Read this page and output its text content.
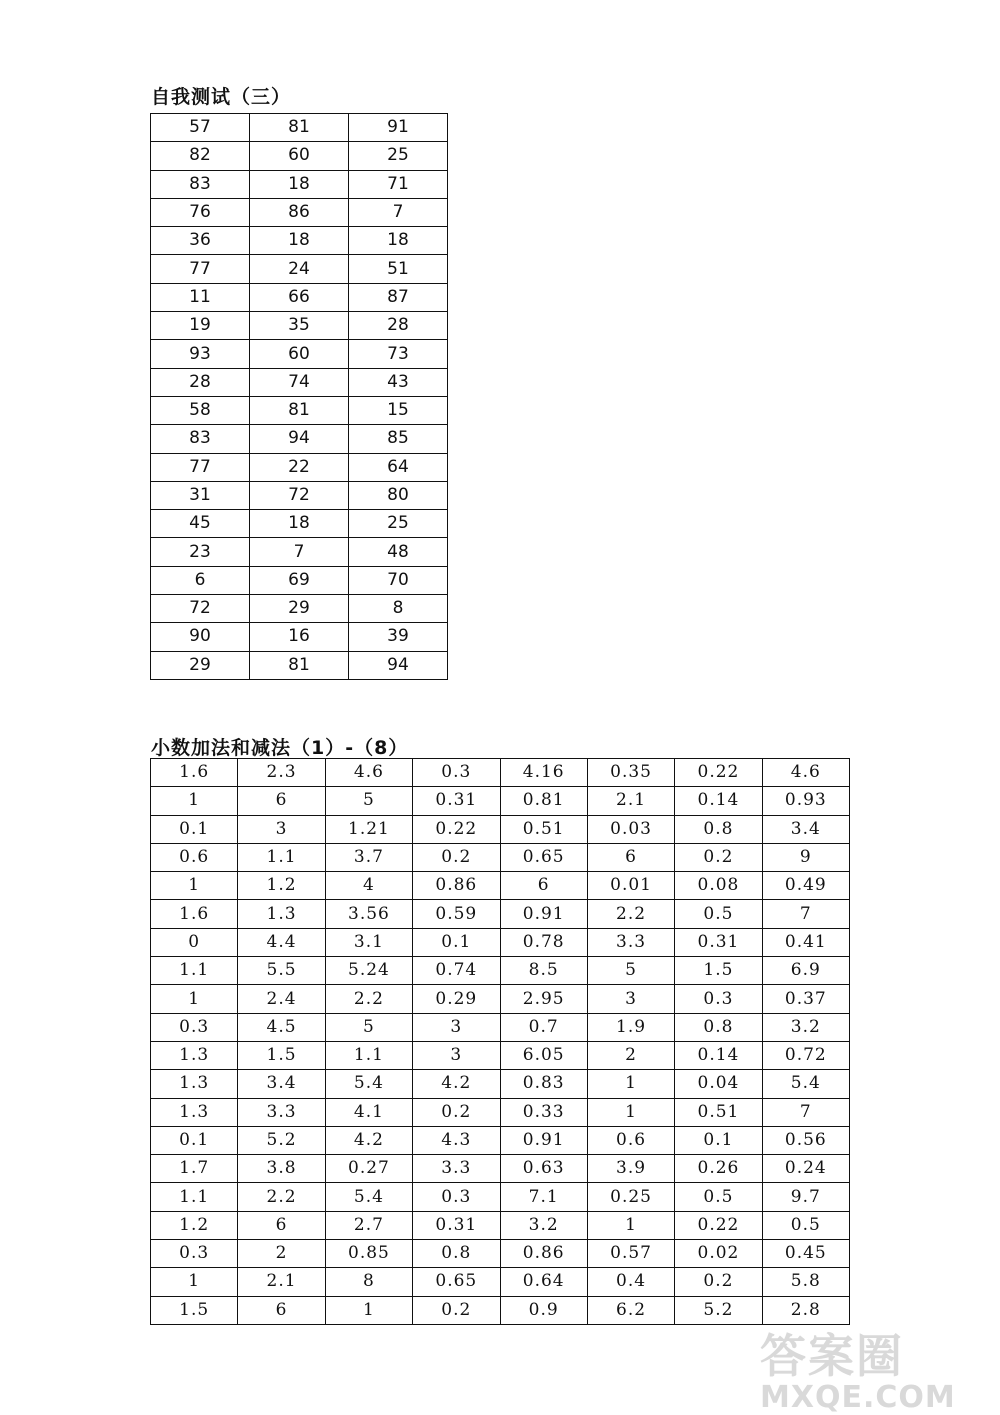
自我测试（三）
57	81	91
82	60	25
83	18	71
76	86	7
36	18	18
77	24	51
11	66	87
19	35	28
93	60	73
28	74	43
58	81	15
83	94	85
77	22	64
31	72	80
45	18	25
23	7	48
6	69	70
72	29	8
90	16	39
29	81	94
小数加法和减法（1）-（8）
1.6	2.3	4.6	0.3	4.16	0.35	0.22	4.6
1	6	5	0.31	0.81	2.1	0.14	0.93
0.1	3	1.21	0.22	0.51	0.03	0.8	3.4
0.6	1.1	3.7	0.2	0.65	6	0.2	9
1	1.2	4	0.86	6	0.01	0.08	0.49
1.6	1.3	3.56	0.59	0.91	2.2	0.5	7
0	4.4	3.1	0.1	0.78	3.3	0.31	0.41
1.1	5.5	5.24	0.74	8.5	5	1.5	6.9
1	2.4	2.2	0.29	2.95	3	0.3	0.37
0.3	4.5	5	3	0.7	1.9	0.8	3.2
1.3	1.5	1.1	3	6.05	2	0.14	0.72
1.3	3.4	5.4	4.2	0.83	1	0.04	5.4
1.3	3.3	4.1	0.2	0.33	1	0.51	7
0.1	5.2	4.2	4.3	0.91	0.6	0.1	0.56
1.7	3.8	0.27	3.3	0.63	3.9	0.26	0.24
1.1	2.2	5.4	0.3	7.1	0.25	0.5	9.7
1.2	6	2.7	0.31	3.2	1	0.22	0.5
0.3	2	0.85	0.8	0.86	0.57	0.02	0.45
1	2.1	8	0.65	0.64	0.4	0.2	5.8
1.5	6	1	0.2	0.9	6.2	5.2	2.8
答案圈
MXQE.COM
